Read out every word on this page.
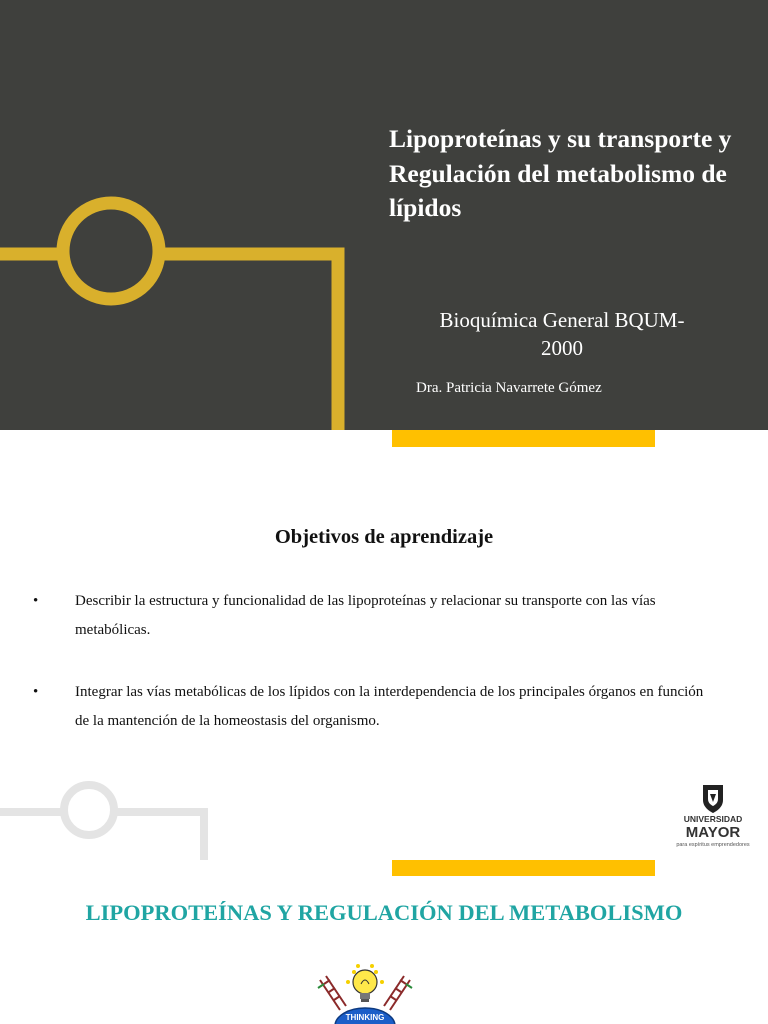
Lipoproteínas y su transporte y Regulación del metabolismo de lípidos
Bioquímica General BQUM-2000
Dra. Patricia Navarrete Gómez
Objetivos de aprendizaje
•	Describir la estructura y funcionalidad de las lipoproteínas y relacionar su transporte con las vías metabólicas.
•	Integrar las vías metabólicas de los lípidos con la interdependencia de los principales órganos en función de la mantención de la homeostasis del organismo.
UNIVERSIDAD
MAYOR
para espíritus emprendedores
LIPOPROTEÍNAS Y REGULACIÓN DEL METABOLISMO
THINKING
